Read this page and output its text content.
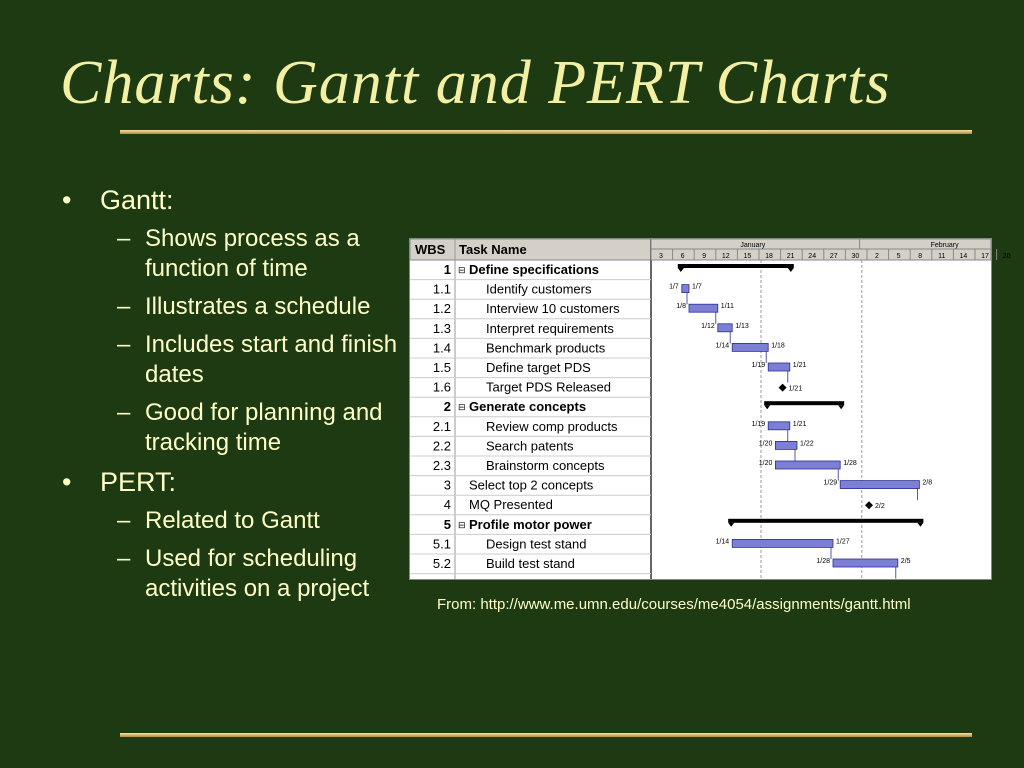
Charts: Gantt and PERT Charts
• Gantt:
– Shows process as a function of time
– Illustrates a schedule
– Includes start and finish dates
– Good for planning and tracking time
• PERT:
– Related to Gantt
– Used for scheduling activities on a project
WBS Task Name	January	February
3	6	9 12 15 18 21 24 27 30 2	5	8 11 14 17 20
1 ⊟ Define specifications
1.1	Identify customers
1.2	Interview 10 customers
1.3	Interpret requirements
1.4	Benchmark products
1.5	Define target PDS
1.6	Target PDS Released
2 ⊟ Generate concepts
2.1	Review comp products
2.2	Search patents
2.3	Brainstorm concepts
3 Select top 2 concepts
4 MQ Presented
5 ⊟ Profile motor power
5.1	Design test stand
5.2	Build test stand
1/7 1/7
1/8	1/11
1/12	1/13
1/14	1/18
1/19	1/21
1/21
1/19	1/21
1/20	1/22
1/20	1/28
1/29	2/8
2/2
1/14	1/27
1/28	2/5
From: http://www.me.umn.edu/courses/me4054/assignments/gantt.html
